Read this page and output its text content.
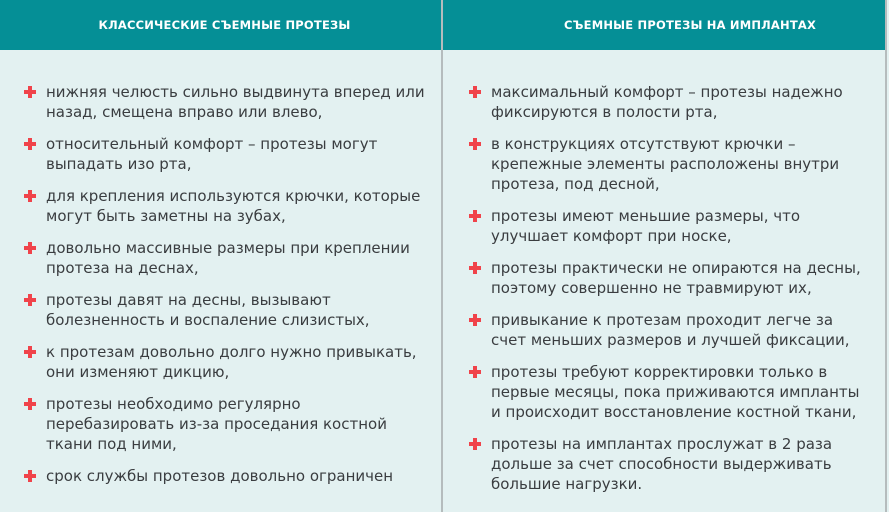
КЛАССИЧЕСКИЕ СЪЕМНЫЕ ПРОТЕЗЫ
нижняя челюсть сильно выдвинута вперед или назад, смещена вправо или влево,
относительный комфорт – протезы могут выпадать изо рта,
для крепления используются крючки, которые могут быть заметны на зубах,
довольно массивные размеры при креплении протеза на деснах,
протезы давят на десны, вызывают болезненность и воспаление слизистых,
к протезам довольно долго нужно привыкать, они изменяют дикцию,
протезы необходимо регулярно перебазировать из-за проседания костной ткани под ними,
срок службы протезов довольно ограничен
СЪЕМНЫЕ ПРОТЕЗЫ НА ИМПЛАНТАХ
максимальный комфорт – протезы надежно фиксируются в полости рта,
в конструкциях отсутствуют крючки – крепежные элементы расположены внутри протеза, под десной,
протезы имеют меньшие размеры, что улучшает комфорт при носке,
протезы практически не опираются на десны, поэтому совершенно не травмируют их,
привыкание к протезам проходит легче за счет меньших размеров и лучшей фиксации,
протезы требуют корректировки только в первые месяцы, пока приживаются импланты и происходит восстановление костной ткани,
протезы на имплантах прослужат в 2 раза дольше за счет способности выдерживать большие нагрузки.
